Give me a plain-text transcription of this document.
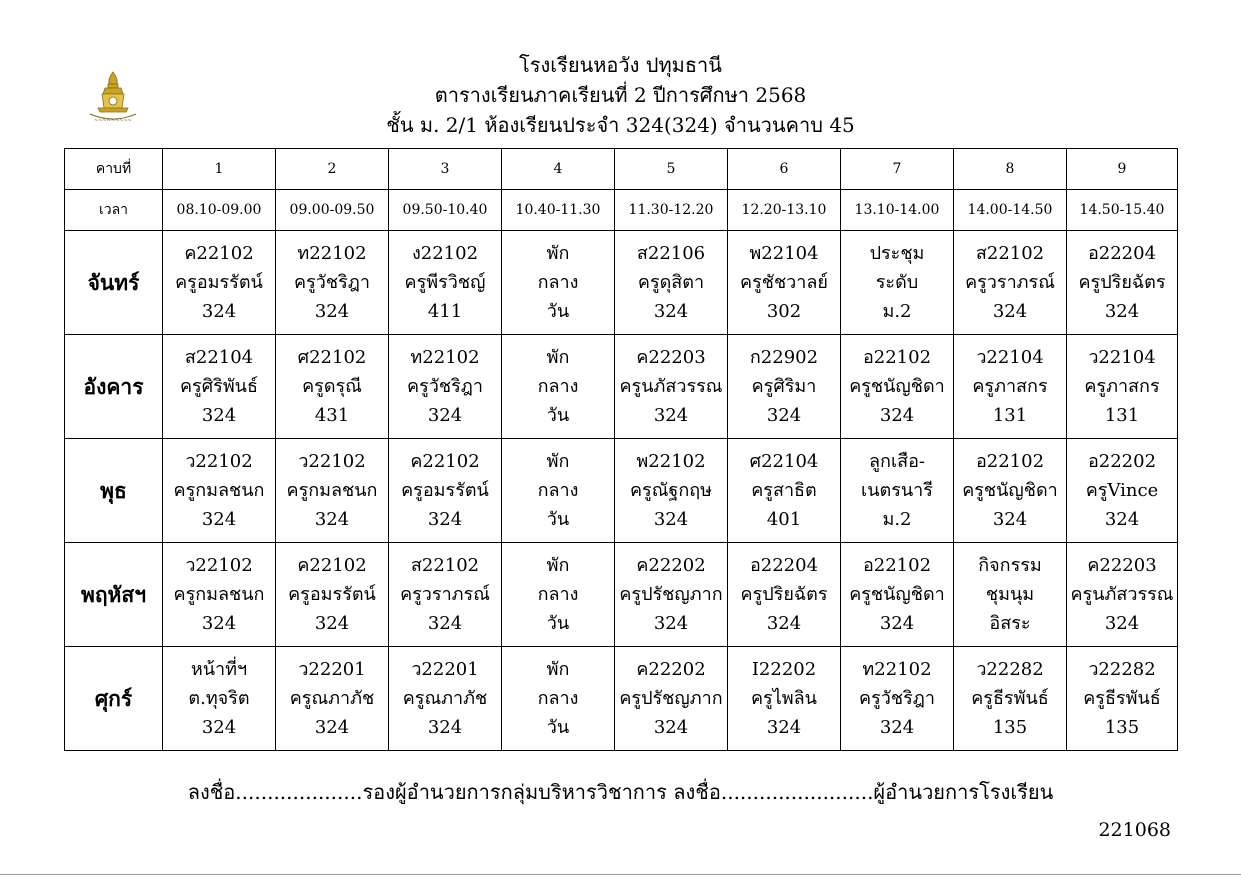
~~~~~~~~~
โรงเรียนหอวัง ปทุมธานี
ตารางเรียนภาคเรียนที่ 2 ปีการศึกษา 2568
ชั้น ม. 2/1 ห้องเรียนประจำ 324(324) จำนวนคาบ 45
คาบที่	1	2	3	4	5	6	7	8	9
เวลา	08.10-09.00	09.00-09.50	09.50-10.40	10.40-11.30	11.30-12.20	12.20-13.10	13.10-14.00	14.00-14.50	14.50-15.40
จันทร์	ค22102
ครูอมรรัตน์
324	ท22102
ครูวัชริฎา
324	ง22102
ครูพีรวิชญ์
411	พัก
กลาง
วัน	ส22106
ครูดุสิตา
324	พ22104
ครูชัชวาลย์
302	ประชุม
ระดับ
ม.2	ส22102
ครูวราภรณ์
324	อ22204
ครูปริยฉัตร
324

อังคาร	ส22104
ครูศิริพันธ์
324	ศ22102
ครูดรุณี
431	ท22102
ครูวัชริฎา
324	พัก
กลาง
วัน	ค22203
ครูนภัสวรรณ
324	ก22902
ครูศิริมา
324	อ22102
ครูชนัญชิดา
324	ว22104
ครูภาสกร
131	ว22104
ครูภาสกร
131

พุธ	ว22102
ครูกมลชนก
324	ว22102
ครูกมลชนก
324	ค22102
ครูอมรรัตน์
324	พัก
กลาง
วัน	พ22102
ครูณัฐกฤษ
324	ศ22104
ครูสาธิต
401	ลูกเสือ-
เนตรนารี
ม.2	อ22102
ครูชนัญชิดา
324	อ22202
ครูVince
324

พฤหัสฯ	ว22102
ครูกมลชนก
324	ค22102
ครูอมรรัตน์
324	ส22102
ครูวราภรณ์
324	พัก
กลาง
วัน	ค22202
ครูปรัชญภาก
324	อ22204
ครูปริยฉัตร
324	อ22102
ครูชนัญชิดา
324	กิจกรรม
ชุมนุม
อิสระ	ค22203
ครูนภัสวรรณ
324

ศุกร์	หน้าที่ฯ
ต.ทุจริต
324	ว22201
ครูณภาภัช
324	ว22201
ครูณภาภัช
324	พัก
กลาง
วัน	ค22202
ครูปรัชญภาก
324	I22202
ครูไพลิน
324	ท22102
ครูวัชริฎา
324	ว22282
ครูธีรพันธ์
135	ว22282
ครูธีรพันธ์
135
ลงชื่อ....................รองผู้อำนวยการกลุ่มบริหารวิชาการ ลงชื่อ........................ผู้อำนวยการโรงเรียน
221068
